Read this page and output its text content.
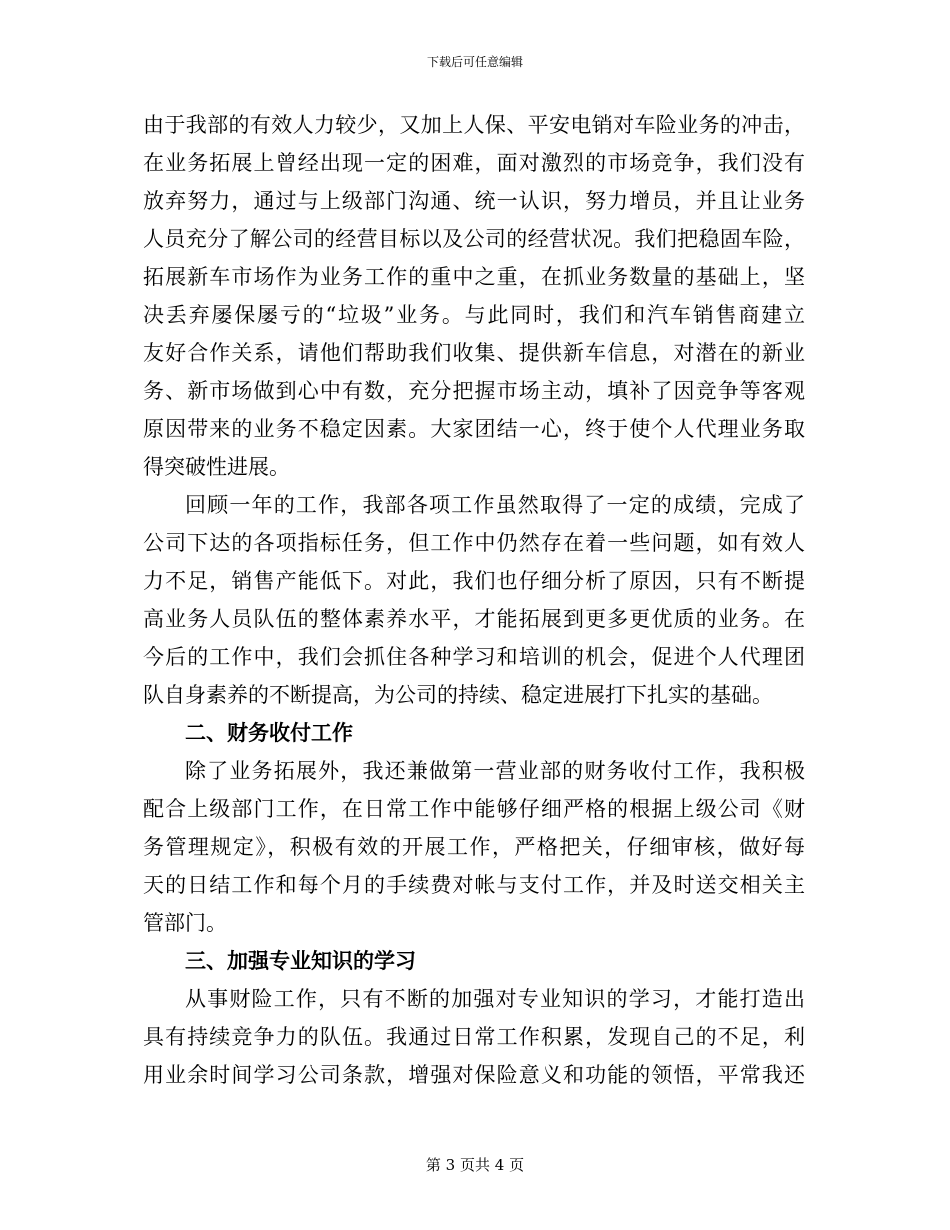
下载后可任意编辑
由于我部的有效人力较少，又加上人保、平安电销对车险业务的冲击，
在业务拓展上曾经出现一定的困难，面对激烈的市场竞争，我们没有
放弃努力，通过与上级部门沟通、统一认识，努力增员，并且让业务
人员充分了解公司的经营目标以及公司的经营状况。我们把稳固车险，
拓展新车市场作为业务工作的重中之重，在抓业务数量的基础上，坚
决丢弃屡保屡亏的“垃圾”业务。与此同时，我们和汽车销售商建立
友好合作关系，请他们帮助我们收集、提供新车信息，对潜在的新业
务、新市场做到心中有数，充分把握市场主动，填补了因竞争等客观
原因带来的业务不稳定因素。大家团结一心，终于使个人代理业务取
得突破性进展。
回顾一年的工作，我部各项工作虽然取得了一定的成绩，完成了
公司下达的各项指标任务，但工作中仍然存在着一些问题，如有效人
力不足，销售产能低下。对此，我们也仔细分析了原因，只有不断提
高业务人员队伍的整体素养水平，才能拓展到更多更优质的业务。在
今后的工作中，我们会抓住各种学习和培训的机会，促进个人代理团
队自身素养的不断提高，为公司的持续、稳定进展打下扎实的基础。
二、财务收付工作
除了业务拓展外，我还兼做第一营业部的财务收付工作，我积极
配合上级部门工作，在日常工作中能够仔细严格的根据上级公司《财
务管理规定》，积极有效的开展工作，严格把关，仔细审核，做好每
天的日结工作和每个月的手续费对帐与支付工作，并及时送交相关主
管部门。
三、加强专业知识的学习
从事财险工作，只有不断的加强对专业知识的学习，才能打造出
具有持续竞争力的队伍。我通过日常工作积累，发现自己的不足，利
用业余时间学习公司条款，增强对保险意义和功能的领悟，平常我还
第 3 页共 4 页
